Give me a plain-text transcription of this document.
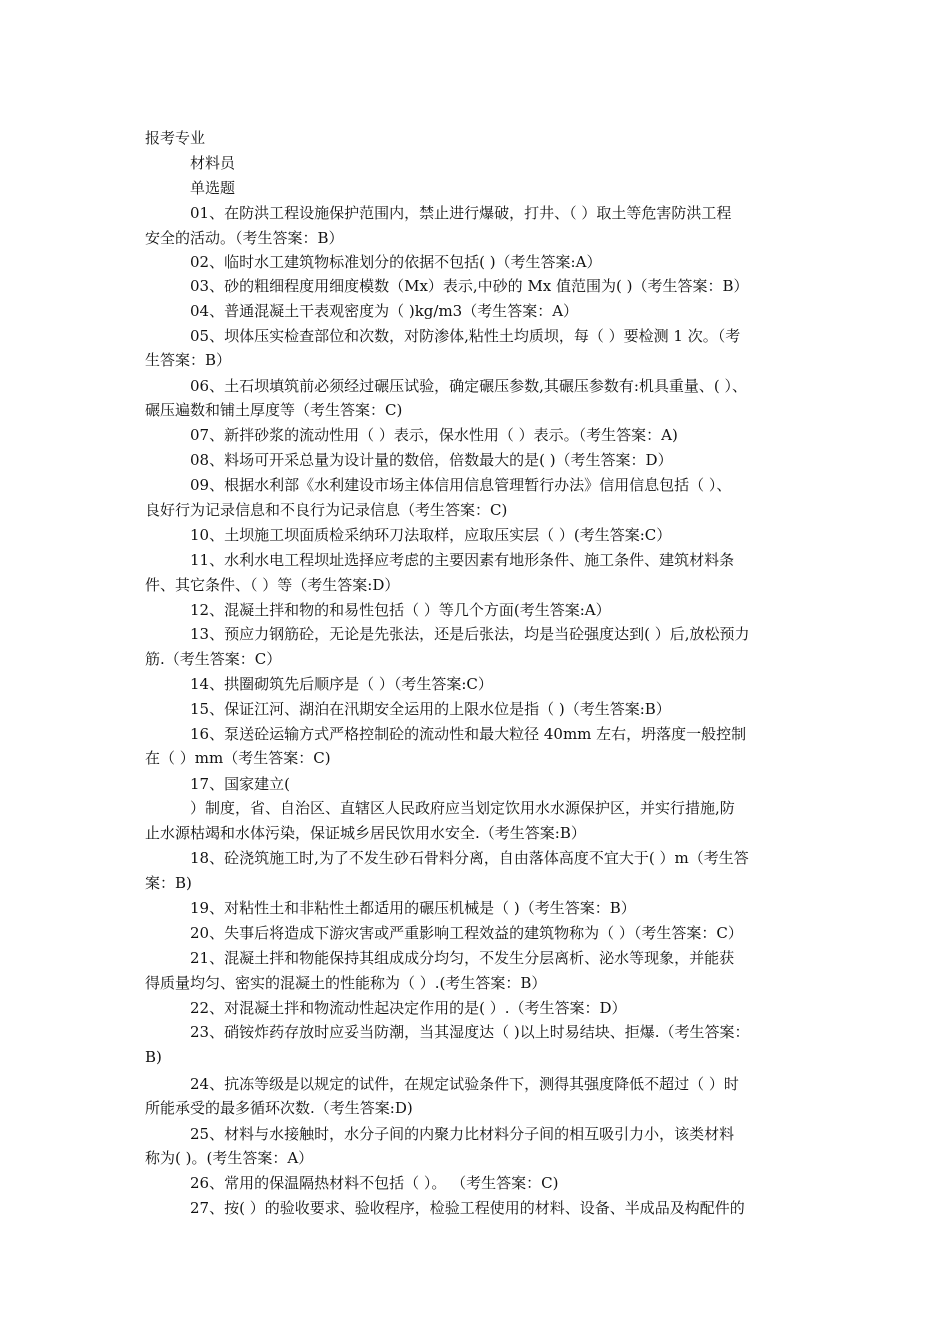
报考专业
材料员
单选题
01、在防洪工程设施保护范围内，禁止进行爆破，打井、（ ）取土等危害防洪工程
安全的活动。（考生答案：B）
02、临时水工建筑物标准划分的依据不包括( )（考生答案:A）
03、砂的粗细程度用细度模数（Mx）表示,中砂的 Mx 值范围为( )（考生答案：B）
04、普通混凝土干表观密度为（ )kg/m3（考生答案：A）
05、坝体压实检查部位和次数，对防渗体,粘性土均质坝，每（ ）要检测 1 次。（考
生答案：B）
06、土石坝填筑前必须经过碾压试验，确定碾压参数,其碾压参数有:机具重量、( ）、
碾压遍数和铺土厚度等（考生答案：C)
07、新拌砂浆的流动性用（ ）表示，保水性用（ ）表示。（考生答案：A)
08、料场可开采总量为设计量的数倍，倍数最大的是( )（考生答案：D）
09、根据水利部《水利建设市场主体信用信息管理暂行办法》信用信息包括（ ）、
良好行为记录信息和不良行为记录信息（考生答案：C)
10、土坝施工坝面质检采纳环刀法取样，应取压实层（ ）(考生答案:C）
11、水利水电工程坝址选择应考虑的主要因素有地形条件、施工条件、建筑材料条
件、其它条件、（ ）等（考生答案:D）
12、混凝土拌和物的和易性包括（ ）等几个方面(考生答案:A）
13、预应力钢筋砼，无论是先张法，还是后张法，均是当砼强度达到( ）后,放松预力
筋.（考生答案：C）
14、拱圈砌筑先后顺序是（ ）（考生答案:C）
15、保证江河、湖泊在汛期安全运用的上限水位是指（ )（考生答案:B）
16、泵送砼运输方式严格控制砼的流动性和最大粒径 40mm 左右，坍落度一般控制
在（ ）mm（考生答案：C)
17、国家建立(
）制度，省、自治区、直辖区人民政府应当划定饮用水水源保护区，并实行措施,防
止水源枯竭和水体污染，保证城乡居民饮用水安全.（考生答案:B）
18、砼浇筑施工时,为了不发生砂石骨料分离，自由落体高度不宜大于( ）m（考生答
案：B)
19、对粘性土和非粘性土都适用的碾压机械是（ )（考生答案：B）
20、失事后将造成下游灾害或严重影响工程效益的建筑物称为（ ）（考生答案：C）
21、混凝土拌和物能保持其组成成分均匀，不发生分层离析、泌水等现象，并能获
得质量均匀、密实的混凝土的性能称为（ ）.(考生答案：B）
22、对混凝土拌和物流动性起决定作用的是( ）.（考生答案：D）
23、硝铵炸药存放时应妥当防潮，当其湿度达（ )以上时易结块、拒爆.（考生答案：
B)
24、抗冻等级是以规定的试件，在规定试验条件下，测得其强度降低不超过（ ）时
所能承受的最多循环次数.（考生答案:D)
25、材料与水接触时，水分子间的内聚力比材料分子间的相互吸引力小，该类材料
称为( )。(考生答案：A）
26、常用的保温隔热材料不包括（ ）。 （考生答案：C)
27、按( ）的验收要求、验收程序，检验工程使用的材料、设备、半成品及构配件的
